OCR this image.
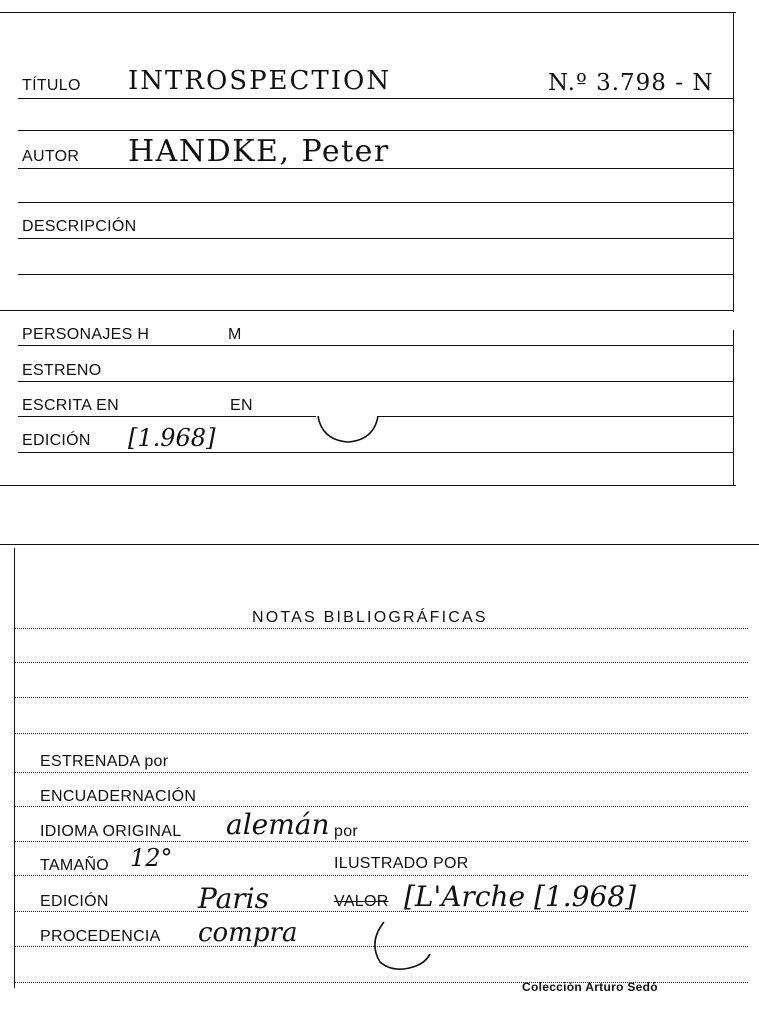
TÍTULO INTROSPECTION	N.º 3.798 - N
AUTOR HANDKE, Peter
DESCRIPCIÓN
PERSONAJES H	M
ESTRENO
ESCRITA EN	EN
EDICIÓN [1.968]
NOTAS BIBLIOGRÁFICAS
ESTRENADA por
ENCUADERNACIÓN
IDIOMA ORIGINAL alemán por
TAMAÑO 12°	ILUSTRADO POR
EDICIÓN	Paris	VALOR [L'Arche [1.968]
PROCEDENCIA compra
Colección Arturo Sedó
